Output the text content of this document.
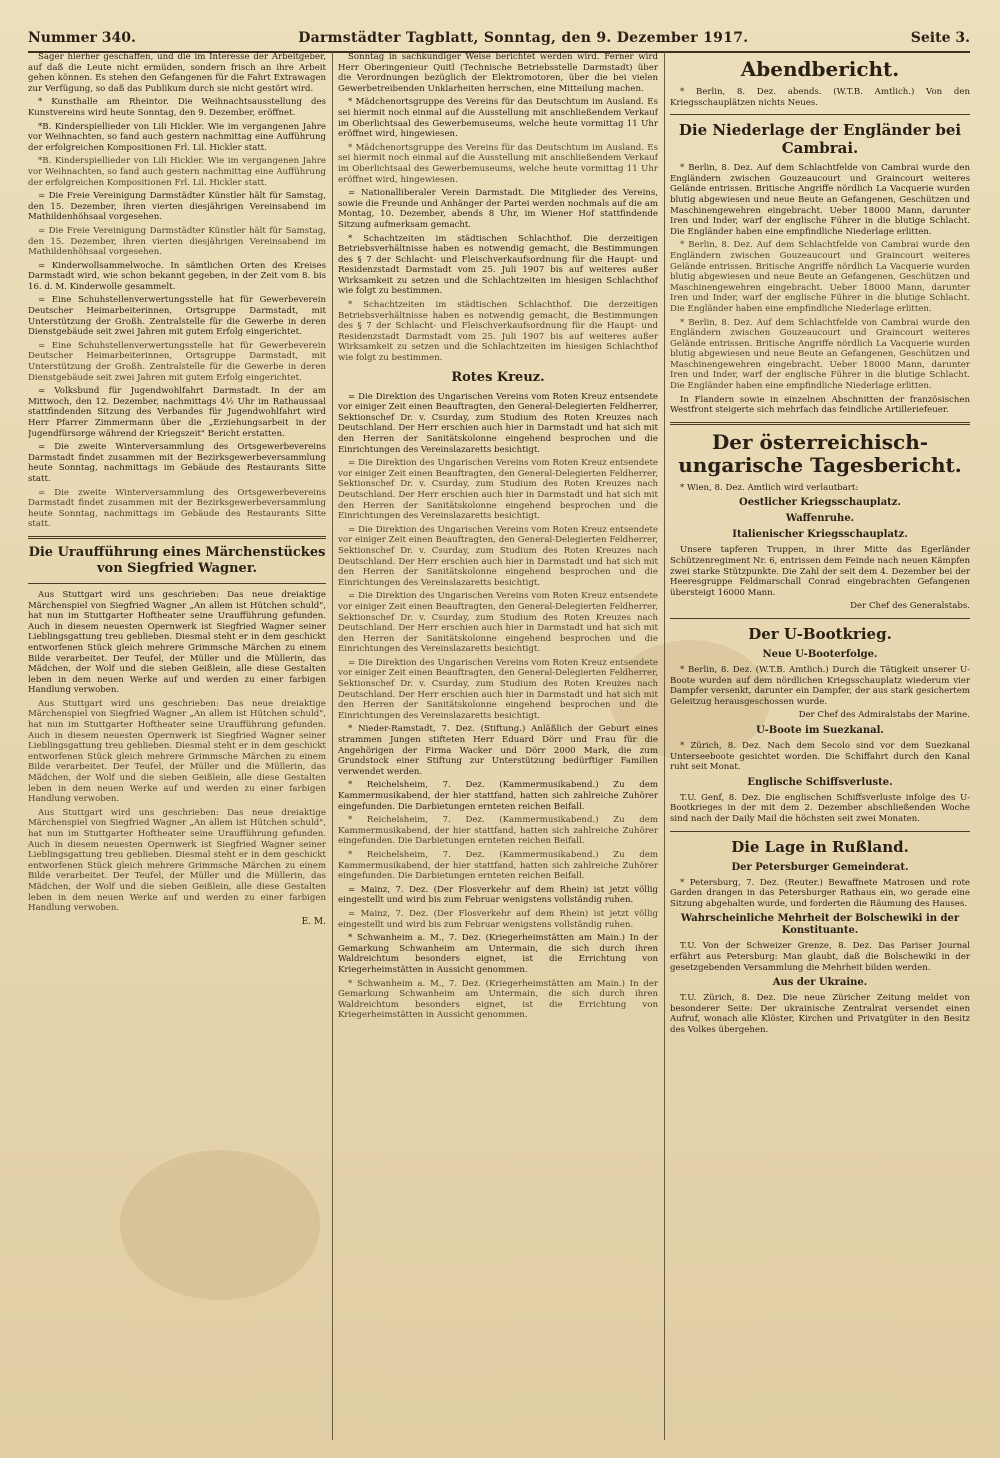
Nummer 340.	Darmstädter Tagblatt, Sonntag, den 9. Dezember 1917.	Seite 3.

Sager hierher geschaffen, und die im Interesse der Arbeitgeber, auf daß die Leute nicht ermüden, sondern frisch an ihre Arbeit gehen können. Es stehen den Gefangenen für die Fahrt Extrawagen zur Verfügung, so daß das Publikum durch sie nicht gestört wird.

* Kunsthalle am Rheintor. Die Weihnachtsausstellung des Kunstvereins wird heute Sonntag, den 9. Dezember, eröffnet.

*B. Kinderspiellieder von Lili Hickler. Wie im vergangenen Jahre vor Weihnachten, so fand auch gestern nachmittag eine Aufführung der erfolgreichen Kompositionen Frl. Lil. Hickler statt.

*B. Kinderspiellieder von Lili Hickler. Wie im vergangenen Jahre vor Weihnachten, so fand auch gestern nachmittag eine Aufführung der erfolgreichen Kompositionen Frl. Lil. Hickler statt.

= Die Freie Vereinigung Darmstädter Künstler hält für Samstag, den 15. Dezember, ihren vierten diesjährigen Vereinsabend im Mathildenhöhsaal vorgesehen.

= Die Freie Vereinigung Darmstädter Künstler hält für Samstag, den 15. Dezember, ihren vierten diesjährigen Vereinsabend im Mathildenhöhsaal vorgesehen.

= Kinderwollsammelwoche. In sämtlichen Orten des Kreises Darmstadt wird, wie schon bekannt gegeben, in der Zeit vom 8. bis 16. d. M. Kinderwolle gesammelt.

= Eine Schuhstellenverwertungsstelle hat für Gewerbeverein Deutscher Heimarbeiterinnen, Ortsgruppe Darmstadt, mit Unterstützung der Großh. Zentralstelle für die Gewerbe in deren Dienstgebäude seit zwei Jahren mit gutem Erfolg eingerichtet.

= Eine Schuhstellenverwertungsstelle hat für Gewerbeverein Deutscher Heimarbeiterinnen, Ortsgruppe Darmstadt, mit Unterstützung der Großh. Zentralstelle für die Gewerbe in deren Dienstgebäude seit zwei Jahren mit gutem Erfolg eingerichtet.

= Volksbund für Jugendwohlfahrt Darmstadt. In der am Mittwoch, den 12. Dezember, nachmittags 4½ Uhr im Rathaussaal stattfindenden Sitzung des Verbandes für Jugendwohlfahrt wird Herr Pfarrer Zimmermann über die „Erziehungsarbeit in der Jugendfürsorge während der Kriegszeit" Bericht erstatten.

= Die zweite Winterversammlung des Ortsgewerbevereins Darmstadt findet zusammen mit der Bezirksgewerbeversammlung heute Sonntag, nachmittags im Gebäude des Restaurants Sitte statt.

= Die zweite Winterversammlung des Ortsgewerbevereins Darmstadt findet zusammen mit der Bezirksgewerbeversammlung heute Sonntag, nachmittags im Gebäude des Restaurants Sitte statt.

Die Uraufführung eines Märchenstückes von Siegfried Wagner.

Aus Stuttgart wird uns geschrieben: Das neue dreiaktige Märchenspiel von Siegfried Wagner „An allem ist Hütchen schuld", hat nun im Stuttgarter Hoftheater seine Uraufführung gefunden. Auch in diesem neuesten Opernwerk ist Siegfried Wagner seiner Lieblingsgattung treu geblieben. Diesmal steht er in dem geschickt entworfenen Stück gleich mehrere Grimmsche Märchen zu einem Bilde verarbeitet. Der Teufel, der Müller und die Müllerin, das Mädchen, der Wolf und die sieben Geißlein, alle diese Gestalten leben in dem neuen Werke auf und werden zu einer farbigen Handlung verwoben.

Aus Stuttgart wird uns geschrieben: Das neue dreiaktige Märchenspiel von Siegfried Wagner „An allem ist Hütchen schuld", hat nun im Stuttgarter Hoftheater seine Uraufführung gefunden. Auch in diesem neuesten Opernwerk ist Siegfried Wagner seiner Lieblingsgattung treu geblieben. Diesmal steht er in dem geschickt entworfenen Stück gleich mehrere Grimmsche Märchen zu einem Bilde verarbeitet. Der Teufel, der Müller und die Müllerin, das Mädchen, der Wolf und die sieben Geißlein, alle diese Gestalten leben in dem neuen Werke auf und werden zu einer farbigen Handlung verwoben.

Aus Stuttgart wird uns geschrieben: Das neue dreiaktige Märchenspiel von Siegfried Wagner „An allem ist Hütchen schuld", hat nun im Stuttgarter Hoftheater seine Uraufführung gefunden. Auch in diesem neuesten Opernwerk ist Siegfried Wagner seiner Lieblingsgattung treu geblieben. Diesmal steht er in dem geschickt entworfenen Stück gleich mehrere Grimmsche Märchen zu einem Bilde verarbeitet. Der Teufel, der Müller und die Müllerin, das Mädchen, der Wolf und die sieben Geißlein, alle diese Gestalten leben in dem neuen Werke auf und werden zu einer farbigen Handlung verwoben.

E. M.

Sonntag in sachkundiger Weise berichtet werden wird. Ferner wird Herr Oberingenieur Quitl (Technische Betriebsstelle Darmstadt) über die Verordnungen bezüglich der Elektromotoren, über die bei vielen Gewerbetreibenden Unklarheiten herrschen, eine Mitteilung machen.

* Mädchenortsgruppe des Vereins für das Deutschtum im Ausland. Es sei hiermit noch einmal auf die Ausstellung mit anschließendem Verkauf im Oberlichtsaal des Gewerbemuseums, welche heute vormittag 11 Uhr eröffnet wird, hingewiesen.

* Mädchenortsgruppe des Vereins für das Deutschtum im Ausland. Es sei hiermit noch einmal auf die Ausstellung mit anschließendem Verkauf im Oberlichtsaal des Gewerbemuseums, welche heute vormittag 11 Uhr eröffnet wird, hingewiesen.

= Nationalliberaler Verein Darmstadt. Die Mitglieder des Vereins, sowie die Freunde und Anhänger der Partei werden nochmals auf die am Montag, 10. Dezember, abends 8 Uhr, im Wiener Hof stattfindende Sitzung aufmerksam gemacht.

* Schachtzeiten im städtischen Schlachthof. Die derzeitigen Betriebsverhältnisse haben es notwendig gemacht, die Bestimmungen des § 7 der Schlacht- und Fleischverkaufsordnung für die Haupt- und Residenzstadt Darmstadt vom 25. Juli 1907 bis auf weiteres außer Wirksamkeit zu setzen und die Schlachtzeiten im hiesigen Schlachthof wie folgt zu bestimmen.

* Schachtzeiten im städtischen Schlachthof. Die derzeitigen Betriebsverhältnisse haben es notwendig gemacht, die Bestimmungen des § 7 der Schlacht- und Fleischverkaufsordnung für die Haupt- und Residenzstadt Darmstadt vom 25. Juli 1907 bis auf weiteres außer Wirksamkeit zu setzen und die Schlachtzeiten im hiesigen Schlachthof wie folgt zu bestimmen.

Rotes Kreuz.

= Die Direktion des Ungarischen Vereins vom Roten Kreuz entsendete vor einiger Zeit einen Beauftragten, den General-Delegierten Feldherrer, Sektionschef Dr. v. Csurday, zum Studium des Roten Kreuzes nach Deutschland. Der Herr erschien auch hier in Darmstadt und hat sich mit den Herren der Sanitätskolonne eingehend besprochen und die Einrichtungen des Vereinslazaretts besichtigt.

= Die Direktion des Ungarischen Vereins vom Roten Kreuz entsendete vor einiger Zeit einen Beauftragten, den General-Delegierten Feldherrer, Sektionschef Dr. v. Csurday, zum Studium des Roten Kreuzes nach Deutschland. Der Herr erschien auch hier in Darmstadt und hat sich mit den Herren der Sanitätskolonne eingehend besprochen und die Einrichtungen des Vereinslazaretts besichtigt.

= Die Direktion des Ungarischen Vereins vom Roten Kreuz entsendete vor einiger Zeit einen Beauftragten, den General-Delegierten Feldherrer, Sektionschef Dr. v. Csurday, zum Studium des Roten Kreuzes nach Deutschland. Der Herr erschien auch hier in Darmstadt und hat sich mit den Herren der Sanitätskolonne eingehend besprochen und die Einrichtungen des Vereinslazaretts besichtigt.

= Die Direktion des Ungarischen Vereins vom Roten Kreuz entsendete vor einiger Zeit einen Beauftragten, den General-Delegierten Feldherrer, Sektionschef Dr. v. Csurday, zum Studium des Roten Kreuzes nach Deutschland. Der Herr erschien auch hier in Darmstadt und hat sich mit den Herren der Sanitätskolonne eingehend besprochen und die Einrichtungen des Vereinslazaretts besichtigt.

= Die Direktion des Ungarischen Vereins vom Roten Kreuz entsendete vor einiger Zeit einen Beauftragten, den General-Delegierten Feldherrer, Sektionschef Dr. v. Csurday, zum Studium des Roten Kreuzes nach Deutschland. Der Herr erschien auch hier in Darmstadt und hat sich mit den Herren der Sanitätskolonne eingehend besprochen und die Einrichtungen des Vereinslazaretts besichtigt.

* Nieder-Ramstadt, 7. Dez. (Stiftung.) Anläßlich der Geburt eines strammen Jungen stifteten Herr Eduard Dörr und Frau für die Angehörigen der Firma Wacker und Dörr 2000 Mark, die zum Grundstock einer Stiftung zur Unterstützung bedürftiger Familien verwendet werden.

* Reichelsheim, 7. Dez. (Kammermusikabend.) Zu dem Kammermusikabend, der hier stattfand, hatten sich zahlreiche Zuhörer eingefunden. Die Darbietungen ernteten reichen Beifall.

* Reichelsheim, 7. Dez. (Kammermusikabend.) Zu dem Kammermusikabend, der hier stattfand, hatten sich zahlreiche Zuhörer eingefunden. Die Darbietungen ernteten reichen Beifall.

* Reichelsheim, 7. Dez. (Kammermusikabend.) Zu dem Kammermusikabend, der hier stattfand, hatten sich zahlreiche Zuhörer eingefunden. Die Darbietungen ernteten reichen Beifall.

= Mainz, 7. Dez. (Der Flosverkehr auf dem Rhein) ist jetzt völlig eingestellt und wird bis zum Februar wenigstens vollständig ruhen.

= Mainz, 7. Dez. (Der Flosverkehr auf dem Rhein) ist jetzt völlig eingestellt und wird bis zum Februar wenigstens vollständig ruhen.

* Schwanheim a. M., 7. Dez. (Kriegerheimstätten am Main.) In der Gemarkung Schwanheim am Untermain, die sich durch ihren Waldreichtum besonders eignet, ist die Errichtung von Kriegerheimstätten in Aussicht genommen.

* Schwanheim a. M., 7. Dez. (Kriegerheimstätten am Main.) In der Gemarkung Schwanheim am Untermain, die sich durch ihren Waldreichtum besonders eignet, ist die Errichtung von Kriegerheimstätten in Aussicht genommen.

Abendbericht.

* Berlin, 8. Dez. abends. (W.T.B. Amtlich.) Von den Kriegsschauplätzen nichts Neues.

Die Niederlage der Engländer bei Cambrai.

* Berlin, 8. Dez. Auf dem Schlachtfelde von Cambrai wurde den Engländern zwischen Gouzeaucourt und Graincourt weiteres Gelände entrissen. Britische Angriffe nördlich La Vacquerie wurden blutig abgewiesen und neue Beute an Gefangenen, Geschützen und Maschinengewehren eingebracht. Ueber 18000 Mann, darunter Iren und Inder, warf der englische Führer in die blutige Schlacht. Die Engländer haben eine empfindliche Niederlage erlitten.

* Berlin, 8. Dez. Auf dem Schlachtfelde von Cambrai wurde den Engländern zwischen Gouzeaucourt und Graincourt weiteres Gelände entrissen. Britische Angriffe nördlich La Vacquerie wurden blutig abgewiesen und neue Beute an Gefangenen, Geschützen und Maschinengewehren eingebracht. Ueber 18000 Mann, darunter Iren und Inder, warf der englische Führer in die blutige Schlacht. Die Engländer haben eine empfindliche Niederlage erlitten.

* Berlin, 8. Dez. Auf dem Schlachtfelde von Cambrai wurde den Engländern zwischen Gouzeaucourt und Graincourt weiteres Gelände entrissen. Britische Angriffe nördlich La Vacquerie wurden blutig abgewiesen und neue Beute an Gefangenen, Geschützen und Maschinengewehren eingebracht. Ueber 18000 Mann, darunter Iren und Inder, warf der englische Führer in die blutige Schlacht. Die Engländer haben eine empfindliche Niederlage erlitten.

In Flandern sowie in einzelnen Abschnitten der französischen Westfront steigerte sich mehrfach das feindliche Artilleriefeuer.

Der österreichisch-ungarische Tagesbericht.

* Wien, 8. Dez. Amtlich wird verlautbart:

Oestlicher Kriegsschauplatz.
Waffenruhe.
Italienischer Kriegsschauplatz.

Unsere tapferen Truppen, in ihrer Mitte das Egerländer Schützenregiment Nr. 6, entrissen dem Feinde nach neuen Kämpfen zwei starke Stützpunkte. Die Zahl der seit dem 4. Dezember bei der Heeresgruppe Feldmarschall Conrad eingebrachten Gefangenen übersteigt 16000 Mann.

Der Chef des Generalstabs.
Der U-Bootkrieg.
Neue U-Booterfolge.

* Berlin, 8. Dez. (W.T.B. Amtlich.) Durch die Tätigkeit unserer U-Boote wurden auf dem nördlichen Kriegsschauplatz wiederum vier Dampfer versenkt, darunter ein Dampfer, der aus stark gesichertem Geleitzug herausgeschossen wurde.

Der Chef des Admiralstabs der Marine.
U-Boote im Suezkanal.

* Zürich, 8. Dez. Nach dem Secolo sind vor dem Suezkanal Unterseeboote gesichtet worden. Die Schiffahrt durch den Kanal ruht seit Monat.

Englische Schiffsverluste.

T.U. Genf, 8. Dez. Die englischen Schiffsverluste infolge des U-Bootkrieges in der mit dem 2. Dezember abschließenden Woche sind nach der Daily Mail die höchsten seit zwei Monaten.

Die Lage in Rußland.
Der Petersburger Gemeinderat.

* Petersburg, 7. Dez. (Reuter.) Bewaffnete Matrosen und rote Garden drangen in das Petersburger Rathaus ein, wo gerade eine Sitzung abgehalten wurde, und forderten die Räumung des Hauses.

Wahrscheinliche Mehrheit der Bolschewiki in der Konstituante.

T.U. Von der Schweizer Grenze, 8. Dez. Das Pariser Journal erfährt aus Petersburg: Man glaubt, daß die Bolschewiki in der gesetzgebenden Versammlung die Mehrheit bilden werden.

Aus der Ukraine.

T.U. Zürich, 8. Dez. Die neue Züricher Zeitung meldet von besonderer Seite: Der ukrainische Zentralrat versendet einen Aufruf, wonach alle Klöster, Kirchen und Privatgüter in den Besitz des Volkes übergehen.
